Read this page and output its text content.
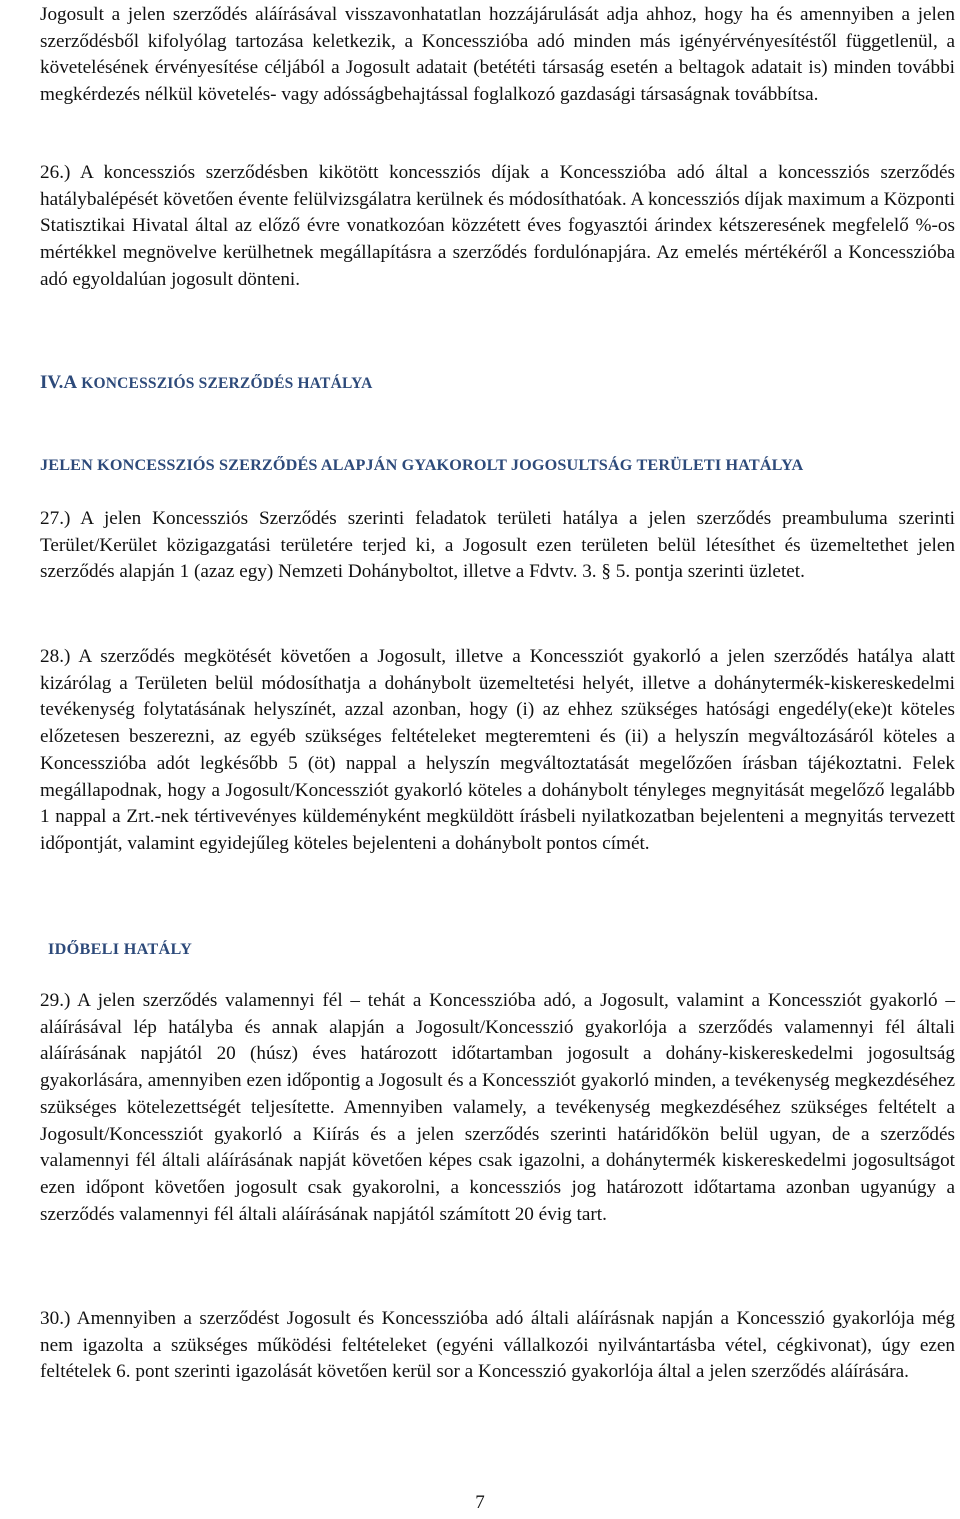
Jogosult a jelen szerződés aláírásával visszavonhatatlan hozzájárulását adja ahhoz, hogy ha és amennyiben a jelen szerződésből kifolyólag tartozása keletkezik, a Koncesszióba adó minden más igényérvényesítéstől függetlenül, a követelésének érvényesítése céljából a Jogosult adatait (betététi társaság esetén a beltagok adatait is) minden további megkérdezés nélkül követelés- vagy adósságbehajtással foglalkozó gazdasági társaságnak továbbítsa.

26.) A koncessziós szerződésben kikötött koncessziós díjak a Koncesszióba adó által a koncessziós szerződés hatálybalépését követően évente felülvizsgálatra kerülnek és módosíthatóak. A koncessziós díjak maximum a Központi Statisztikai Hivatal által az előző évre vonatkozóan közzétett éves fogyasztói árindex kétszeresének megfelelő %-os mértékkel megnövelve kerülhetnek megállapításra a szerződés fordulónapjára. Az emelés mértékéről a Koncesszióba adó egyoldalúan jogosult dönteni.

IV.A KONCESSZIÓS SZERZŐDÉS HATÁLYA
JELEN KONCESSZIÓS SZERZŐDÉS ALAPJÁN GYAKOROLT JOGOSULTSÁG TERÜLETI HATÁLYA

27.) A jelen Koncessziós Szerződés szerinti feladatok területi hatálya a jelen szerződés preambuluma szerinti Terület/Kerület közigazgatási területére terjed ki, a Jogosult ezen területen belül létesíthet és üzemeltethet jelen szerződés alapján 1 (azaz egy) Nemzeti Dohányboltot, illetve a Fdvtv. 3. § 5. pontja szerinti üzletet.

28.) A szerződés megkötését követően a Jogosult, illetve a Koncessziót gyakorló a jelen szerződés hatálya alatt kizárólag a Területen belül módosíthatja a dohánybolt üzemeltetési helyét, illetve a dohánytermék-kiskereskedelmi tevékenység folytatásának helyszínét, azzal azonban, hogy (i) az ehhez szükséges hatósági engedély(eke)t köteles előzetesen beszerezni, az egyéb szükséges feltételeket megteremteni és (ii) a helyszín megváltozásáról köteles a Koncesszióba adót legkésőbb 5 (öt) nappal a helyszín megváltoztatását megelőzően írásban tájékoztatni. Felek megállapodnak, hogy a Jogosult/Koncessziót gyakorló köteles a dohánybolt tényleges megnyitását megelőző legalább 1 nappal a Zrt.-nek tértivevényes küldeményként megküldött írásbeli nyilatkozatban bejelenteni a megnyitás tervezett időpontját, valamint egyidejűleg köteles bejelenteni a dohánybolt pontos címét.

IDŐBELI HATÁLY

29.) A jelen szerződés valamennyi fél – tehát a Koncesszióba adó, a Jogosult, valamint a Koncessziót gyakorló – aláírásával lép hatályba és annak alapján a Jogosult/Koncesszió gyakorlója a szerződés valamennyi fél általi aláírásának napjától 20 (húsz) éves határozott időtartamban jogosult a dohány-kiskereskedelmi jogosultság gyakorlására, amennyiben ezen időpontig a Jogosult és a Koncessziót gyakorló minden, a tevékenység megkezdéséhez szükséges kötelezettségét teljesítette. Amennyiben valamely, a tevékenység megkezdéséhez szükséges feltételt a Jogosult/Koncessziót gyakorló a Kiírás és a jelen szerződés szerinti határidőkön belül ugyan, de a szerződés valamennyi fél általi aláírásának napját követően képes csak igazolni, a dohánytermék kiskereskedelmi jogosultságot ezen időpont követően jogosult csak gyakorolni, a koncessziós jog határozott időtartama azonban ugyanúgy a szerződés valamennyi fél általi aláírásának napjától számított 20 évig tart.

30.) Amennyiben a szerződést Jogosult és Koncesszióba adó általi aláírásnak napján a Koncesszió gyakorlója még nem igazolta a szükséges működési feltételeket (egyéni vállalkozói nyilvántartásba vétel, cégkivonat), úgy ezen feltételek 6. pont szerinti igazolását követően kerül sor a Koncesszió gyakorlója által a jelen szerződés aláírására.

7
